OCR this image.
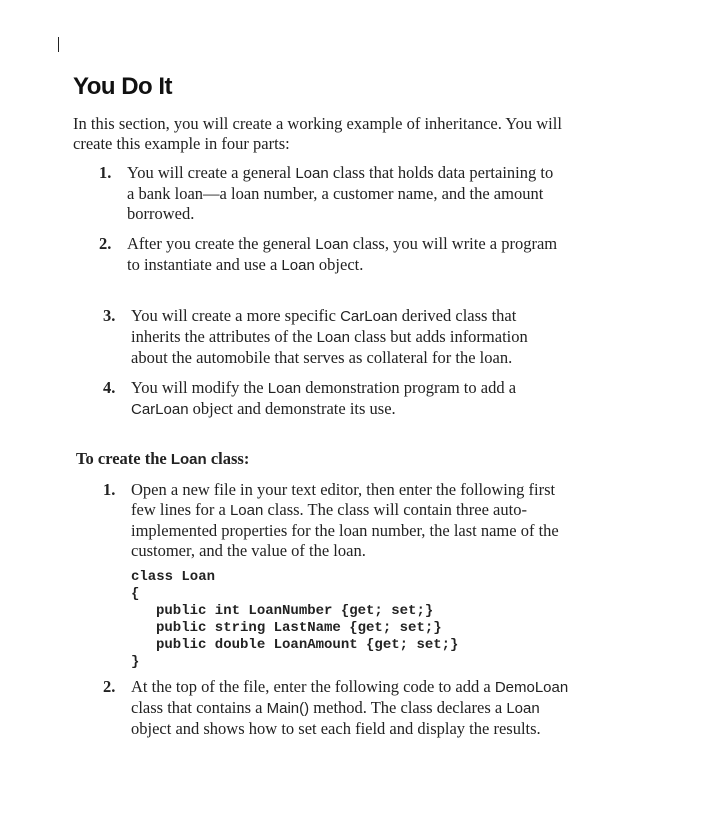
You Do It
In this section, you will create a working example of inheritance. You will create this example in four parts:
1. You will create a general Loan class that holds data pertaining to a bank loan—a loan number, a customer name, and the amount borrowed.
2. After you create the general Loan class, you will write a program to instantiate and use a Loan object.
3. You will create a more specific CarLoan derived class that inherits the attributes of the Loan class but adds information about the automobile that serves as collateral for the loan.
4. You will modify the Loan demonstration program to add a CarLoan object and demonstrate its use.
To create the Loan class:
1. Open a new file in your text editor, then enter the following first few lines for a Loan class. The class will contain three auto-implemented properties for the loan number, the last name of the customer, and the value of the loan.
class Loan
{
public int LoanNumber {get; set;}
public string LastName {get; set;}
public double LoanAmount {get; set;}
}
2. At the top of the file, enter the following code to add a DemoLoan class that contains a Main() method. The class declares a Loan object and shows how to set each field and display the results.
